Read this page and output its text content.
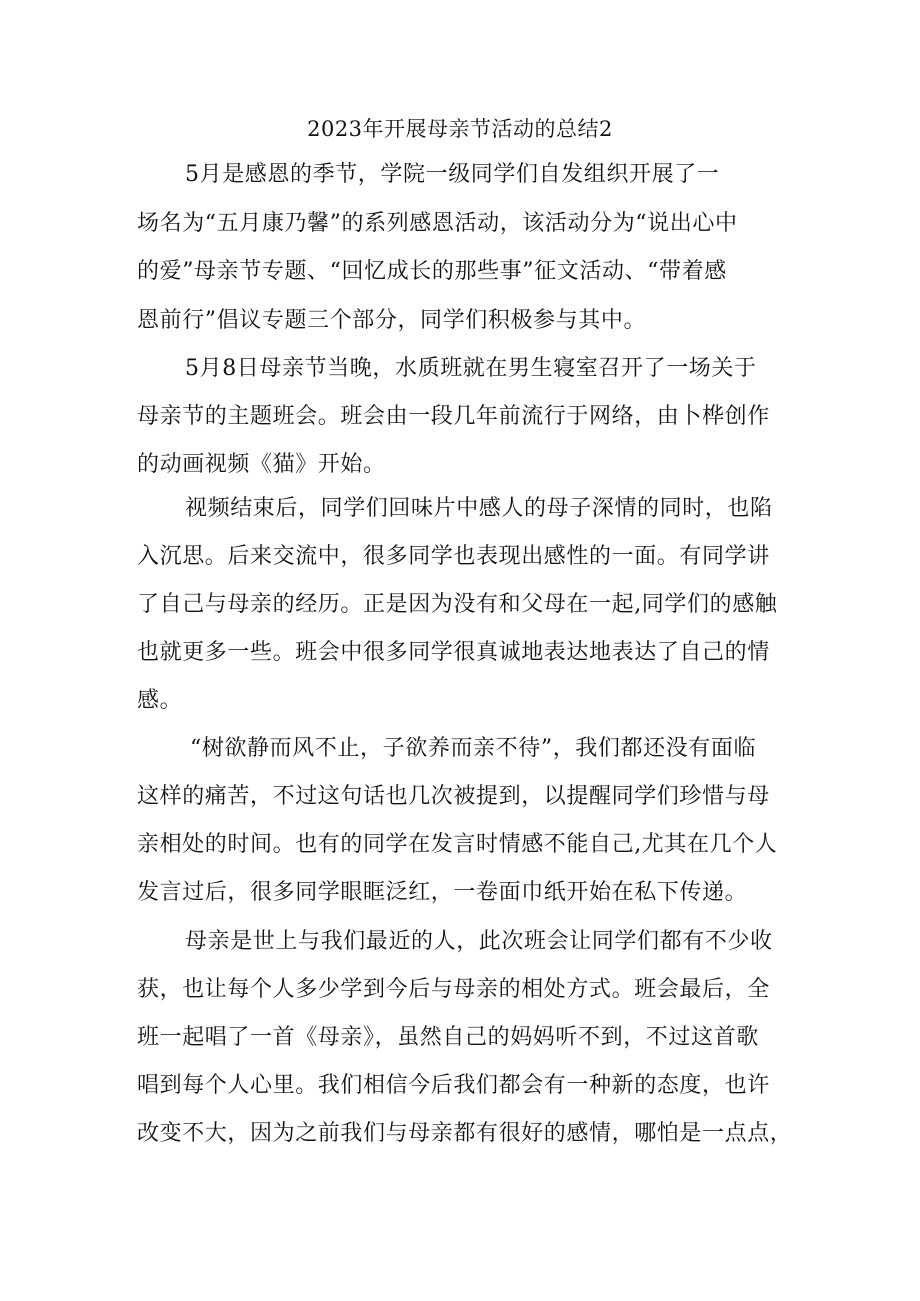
2023年开展母亲节活动的总结2
5月是感恩的季节，学院一级同学们自发组织开展了一
场名为“五月康乃馨”的系列感恩活动，该活动分为“说出心中
的爱”母亲节专题、“回忆成长的那些事”征文活动、“带着感
恩前行”倡议专题三个部分，同学们积极参与其中。
5月8日母亲节当晚，水质班就在男生寝室召开了一场关于
母亲节的主题班会。班会由一段几年前流行于网络，由卜桦创作
的动画视频《猫》开始。
视频结束后，同学们回味片中感人的母子深情的同时，也陷
入沉思。后来交流中，很多同学也表现出感性的一面。有同学讲
了自己与母亲的经历。正是因为没有和父母在一起,同学们的感触
也就更多一些。班会中很多同学很真诚地表达地表达了自己的情
感。
“树欲静而风不止，子欲养而亲不待”，我们都还没有面临
这样的痛苦，不过这句话也几次被提到，以提醒同学们珍惜与母
亲相处的时间。也有的同学在发言时情感不能自己,尤其在几个人
发言过后，很多同学眼眶泛红，一卷面巾纸开始在私下传递。
母亲是世上与我们最近的人，此次班会让同学们都有不少收
获，也让每个人多少学到今后与母亲的相处方式。班会最后，全
班一起唱了一首《母亲》，虽然自己的妈妈听不到，不过这首歌
唱到每个人心里。我们相信今后我们都会有一种新的态度，也许
改变不大，因为之前我们与母亲都有很好的感情，哪怕是一点点，
